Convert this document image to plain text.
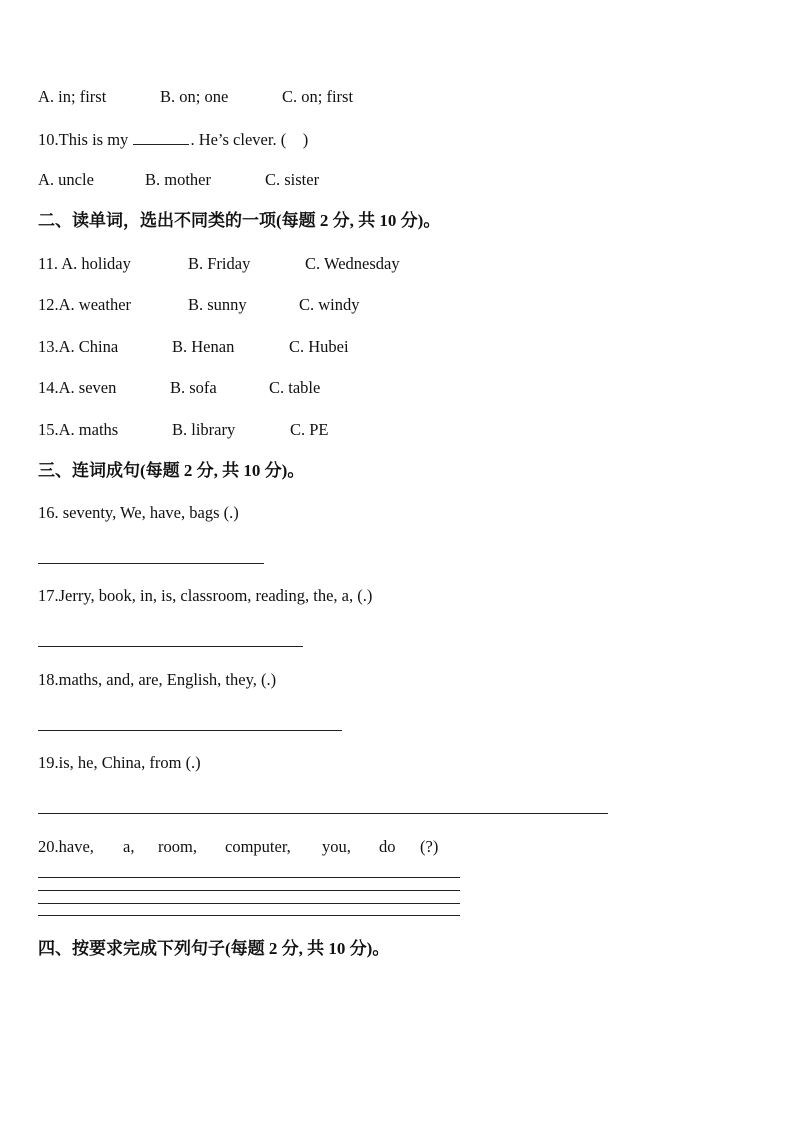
A. in; first	B. on; one	C. on; first
10.This is my	. He’s clever. (    )
A. uncle	B. mother	C. sister
二、读单词，选出不同类的一项(每题 2 分, 共 10 分)。
11. A. holiday	B. Friday	C. Wednesday
12.A. weather	B. sunny	C. windy
13.A. China	B. Henan	C. Hubei
14.A. seven	B. sofa	C. table
15.A. maths	B. library	C. PE
三、连词成句(每题 2 分, 共 10 分)。
16. seventy, We, have, bags (.)
17.Jerry, book, in, is, classroom, reading, the, a, (.)
18.maths, and, are, English, they, (.)
19.is, he, China, from (.)
20.have, a, room, computer, you, do (?)
四、按要求完成下列句子(每题 2 分, 共 10 分)。
